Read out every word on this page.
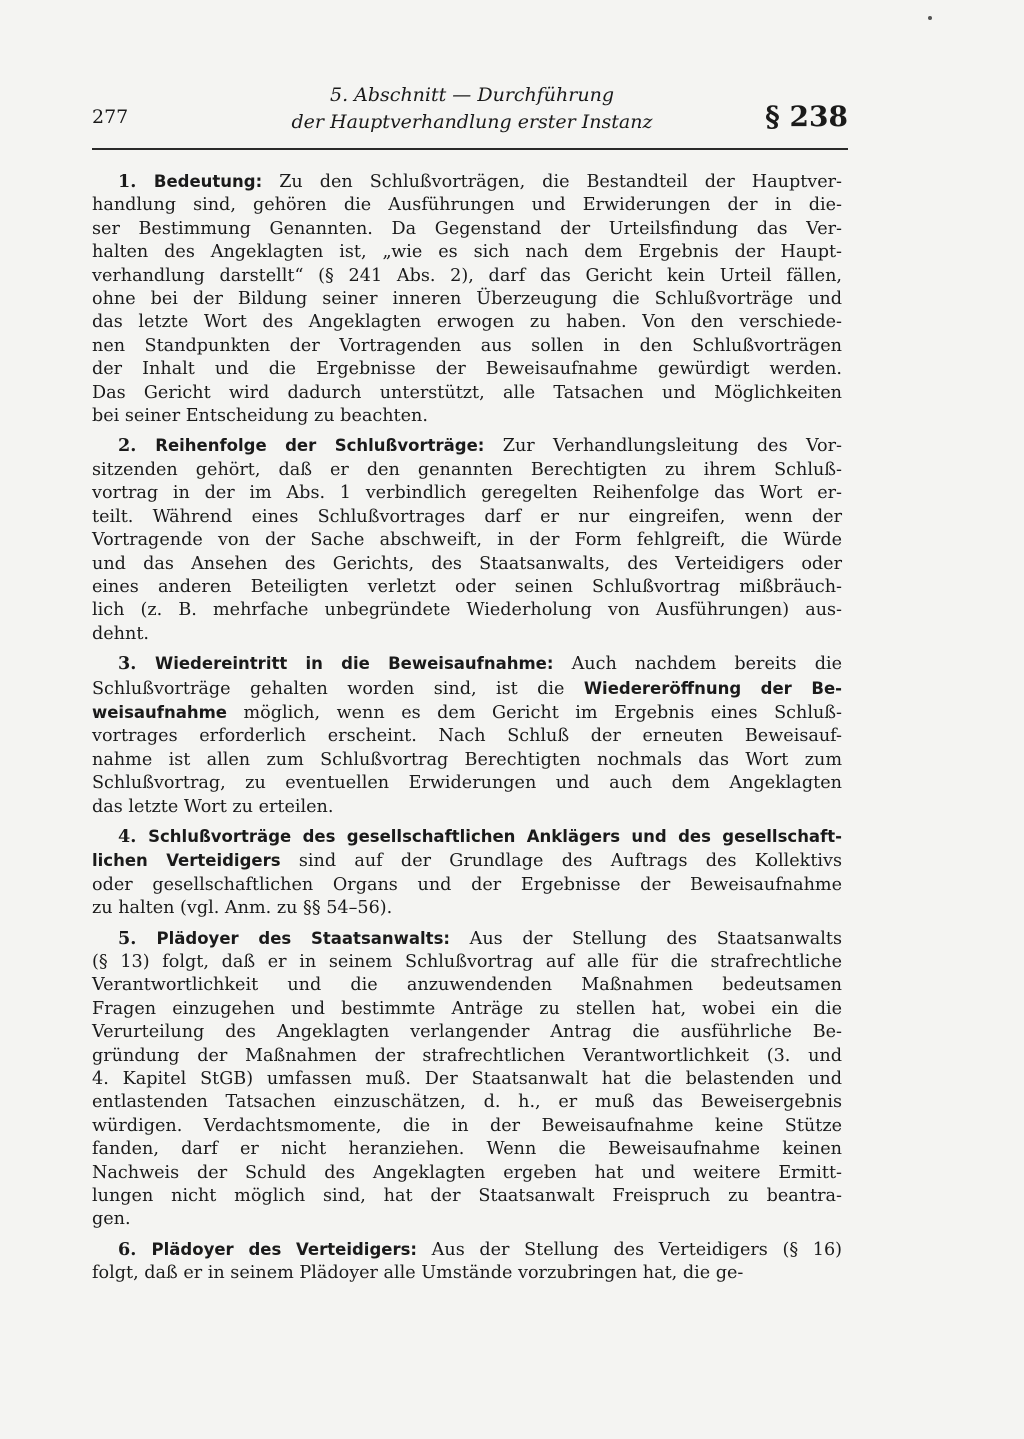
277
5. Abschnitt — Durchführung
der Hauptverhandlung erster Instanz	§ 238
1. Bedeutung: Zu den Schlußvorträgen, die Bestandteil der Hauptver-
handlung sind, gehören die Ausführungen und Erwiderungen der in die-
ser Bestimmung Genannten. Da Gegenstand der Urteilsfindung das Ver-
halten des Angeklagten ist, „wie es sich nach dem Ergebnis der Haupt-
verhandlung darstellt“ (§ 241 Abs. 2), darf das Gericht kein Urteil fällen,
ohne bei der Bildung seiner inneren Überzeugung die Schlußvorträge und
das letzte Wort des Angeklagten erwogen zu haben. Von den verschiede-
nen Standpunkten der Vortragenden aus sollen in den Schlußvorträgen
der Inhalt und die Ergebnisse der Beweisaufnahme gewürdigt werden.
Das Gericht wird dadurch unterstützt, alle Tatsachen und Möglichkeiten
bei seiner Entscheidung zu beachten.
2. Reihenfolge der Schlußvorträge: Zur Verhandlungsleitung des Vor-
sitzenden gehört, daß er den genannten Berechtigten zu ihrem Schluß-
vortrag in der im Abs. 1 verbindlich geregelten Reihenfolge das Wort er-
teilt. Während eines Schlußvortrages darf er nur eingreifen, wenn der
Vortragende von der Sache abschweift, in der Form fehlgreift, die Würde
und das Ansehen des Gerichts, des Staatsanwalts, des Verteidigers oder
eines anderen Beteiligten verletzt oder seinen Schlußvortrag mißbräuch-
lich (z. B. mehrfache unbegründete Wiederholung von Ausführungen) aus-
dehnt.
3. Wiedereintritt in die Beweisaufnahme: Auch nachdem bereits die
Schlußvorträge gehalten worden sind, ist die Wiedereröffnung der Be-
weisaufnahme möglich, wenn es dem Gericht im Ergebnis eines Schluß-
vortrages erforderlich erscheint. Nach Schluß der erneuten Beweisauf-
nahme ist allen zum Schlußvortrag Berechtigten nochmals das Wort zum
Schlußvortrag, zu eventuellen Erwiderungen und auch dem Angeklagten
das letzte Wort zu erteilen.
4. Schlußvorträge des gesellschaftlichen Anklägers und des gesellschaft-
lichen Verteidigers sind auf der Grundlage des Auftrags des Kollektivs
oder gesellschaftlichen Organs und der Ergebnisse der Beweisaufnahme
zu halten (vgl. Anm. zu §§ 54–56).
5. Plädoyer des Staatsanwalts: Aus der Stellung des Staatsanwalts
(§ 13) folgt, daß er in seinem Schlußvortrag auf alle für die strafrechtliche
Verantwortlichkeit und die anzuwendenden Maßnahmen bedeutsamen
Fragen einzugehen und bestimmte Anträge zu stellen hat, wobei ein die
Verurteilung des Angeklagten verlangender Antrag die ausführliche Be-
gründung der Maßnahmen der strafrechtlichen Verantwortlichkeit (3. und
4. Kapitel StGB) umfassen muß. Der Staatsanwalt hat die belastenden und
entlastenden Tatsachen einzuschätzen, d. h., er muß das Beweisergebnis
würdigen. Verdachtsmomente, die in der Beweisaufnahme keine Stütze
fanden, darf er nicht heranziehen. Wenn die Beweisaufnahme keinen
Nachweis der Schuld des Angeklagten ergeben hat und weitere Ermitt-
lungen nicht möglich sind, hat der Staatsanwalt Freispruch zu beantra-
gen.
6. Plädoyer des Verteidigers: Aus der Stellung des Verteidigers (§ 16)
folgt, daß er in seinem Plädoyer alle Umstände vorzubringen hat, die ge-
